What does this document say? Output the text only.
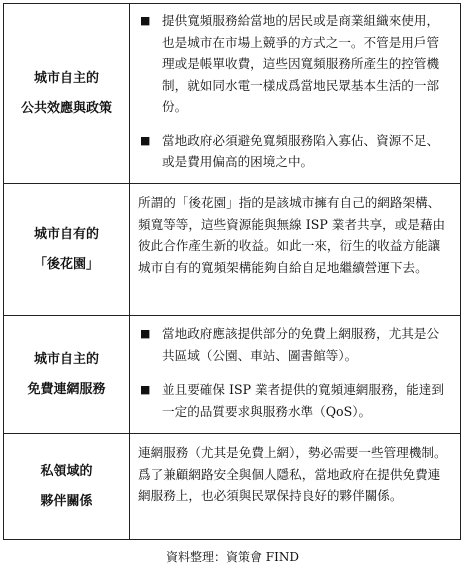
城市自主的
公共效應與政策
■ 提供寬頻服務給當地的居民或是商業組織來使用，也是城市在市場上競爭的方式之一。不管是用戶管理或是帳單收費，這些因寬頻服務所產生的控管機制，就如同水電一樣成爲當地民眾基本生活的一部份。
■ 當地政府必須避免寬頻服務陷入寡佔、資源不足、或是費用偏高的困境之中。
城市自有的
「後花園」
所謂的「後花園」指的是該城市擁有自己的網路架構、頻寬等等，這些資源能與無線 ISP 業者共享，或是藉由彼此合作產生新的收益。如此一來，衍生的收益方能讓城市自有的寬頻架構能夠自給自足地繼續營運下去。
城市自主的
免費連網服務
■ 當地政府應該提供部分的免費上網服務，尤其是公共區域（公園、車站、圖書館等）。
■ 並且要確保 ISP 業者提供的寬頻連網服務，能達到一定的品質要求與服務水準（QoS）。
私領域的
夥伴關係
連網服務（尤其是免費上網），勢必需要一些管理機制。爲了兼顧網路安全與個人隱私，當地政府在提供免費連網服務上，也必須與民眾保持良好的夥伴關係。
資料整理：資策會 FIND
